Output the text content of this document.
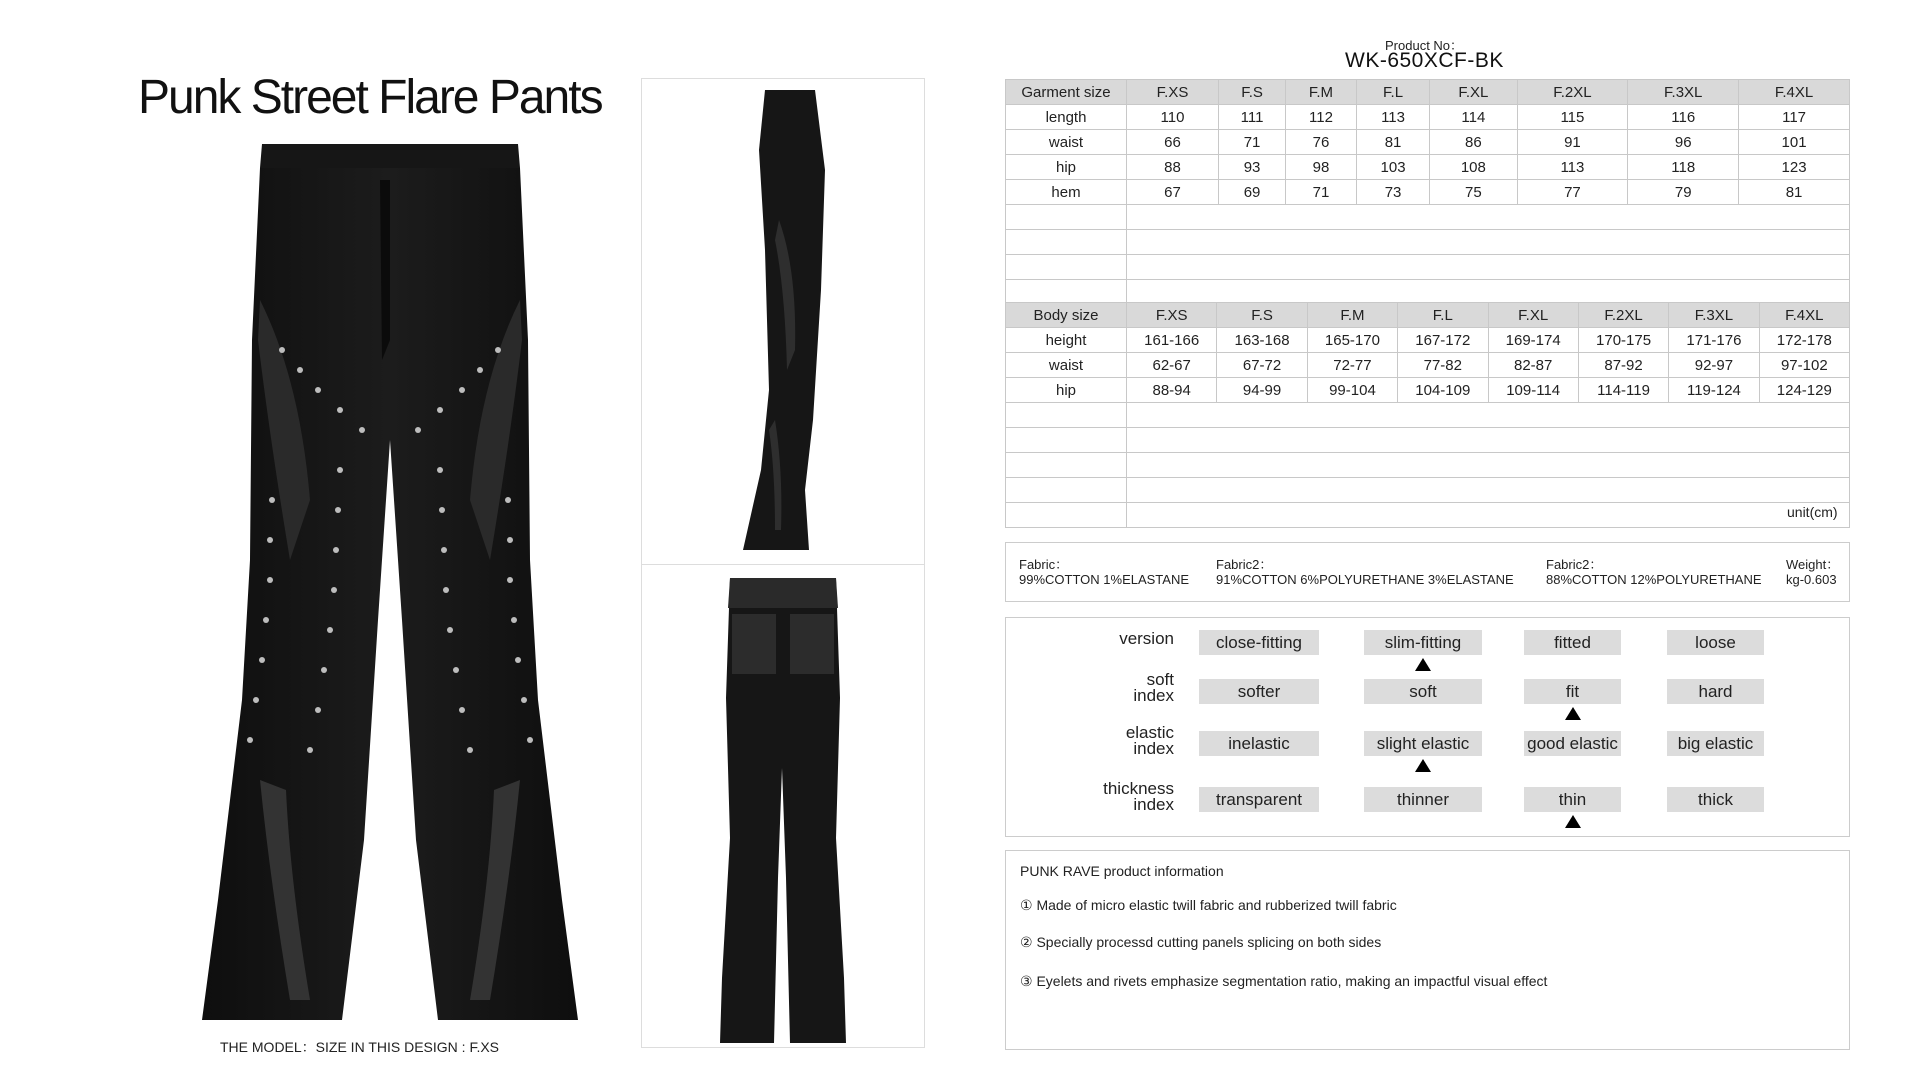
Punk Street Flare Pants
THE MODEL：SIZE IN THIS DESIGN : F.XS
Product No：
WK-650XCF-BK
Garment size	F.XS	F.S	F.M	F.L	F.XL	F.2XL	F.3XL	F.4XL
length	110	111	112	113	114	115	116	117
waist	66	71	76	81	86	91	96	101
hip	88	93	98	103	108	113	118	123
hem	67	69	71	73	75	77	79	81

Body size	F.XS	F.S	F.M	F.L	F.XL	F.2XL	F.3XL	F.4XL
height	161-166	163-168	165-170	167-172	169-174	170-175	171-176	172-178
waist	62-67	67-72	72-77	77-82	82-87	87-92	92-97	97-102
hip	88-94	94-99	99-104	104-109	109-114	114-119	119-124	124-129

unit(cm)
Fabric：
99%COTTON 1%ELASTANE
Fabric2：
91%COTTON 6%POLYURETHANE 3%ELASTANE
Fabric2：
88%COTTON 12%POLYURETHANE
Weight：
kg-0.603
version	close-fitting	slim-fitting	fitted	loose
soft
index	softer	soft	fit	hard
elastic
index	inelastic	slight elastic	good elastic	big elastic
thickness
index	transparent	thinner	thin	thick
PUNK RAVE product information
① Made of micro elastic twill fabric and rubberized twill fabric
② Specially processd cutting panels splicing on both sides
③ Eyelets and rivets emphasize segmentation ratio, making an impactful visual effect
